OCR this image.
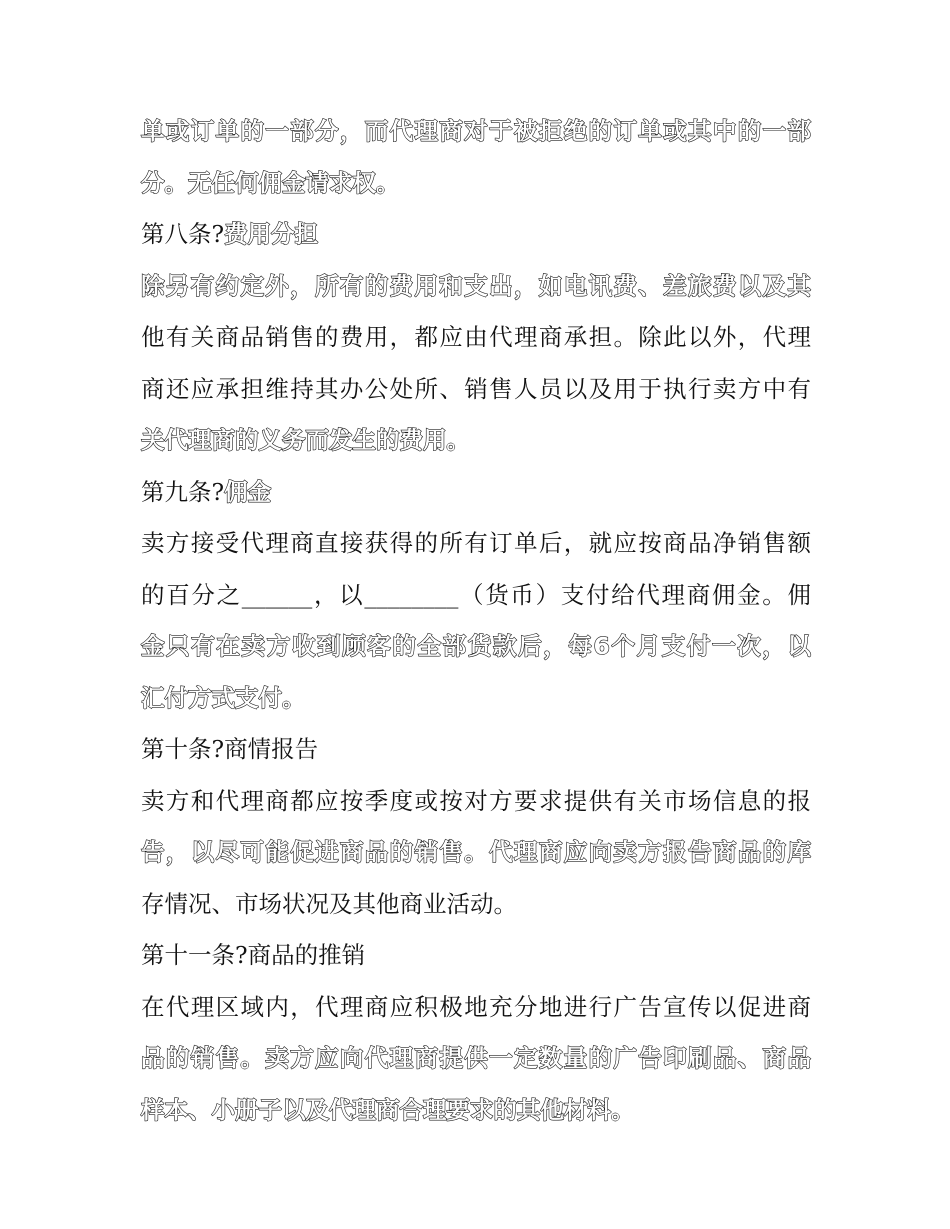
单或订单的一部分，而代理商对于被拒绝的订单或其中的一部
分。无任何佣金请求权。
第八条?费用分担
除另有约定外，所有的费用和支出，如电讯费、差旅费以及其
他有关商品销售的费用，都应由代理商承担。除此以外，代理
商还应承担维持其办公处所、销售人员以及用于执行卖方中有
关代理商的义务而发生的费用。
第九条?佣金
卖方接受代理商直接获得的所有订单后，就应按商品净销售额
的百分之______，以________（货币）支付给代理商佣金。佣
金只有在卖方收到顾客的全部货款后，每6个月支付一次，以
汇付方式支付。
第十条?商情报告
卖方和代理商都应按季度或按对方要求提供有关市场信息的报
告，以尽可能促进商品的销售。代理商应向卖方报告商品的库
存情况、市场状况及其他商业活动。
第十一条?商品的推销
在代理区域内，代理商应积极地充分地进行广告宣传以促进商
品的销售。卖方应向代理商提供一定数量的广告印刷品、商品
样本、小册子以及代理商合理要求的其他材料。
